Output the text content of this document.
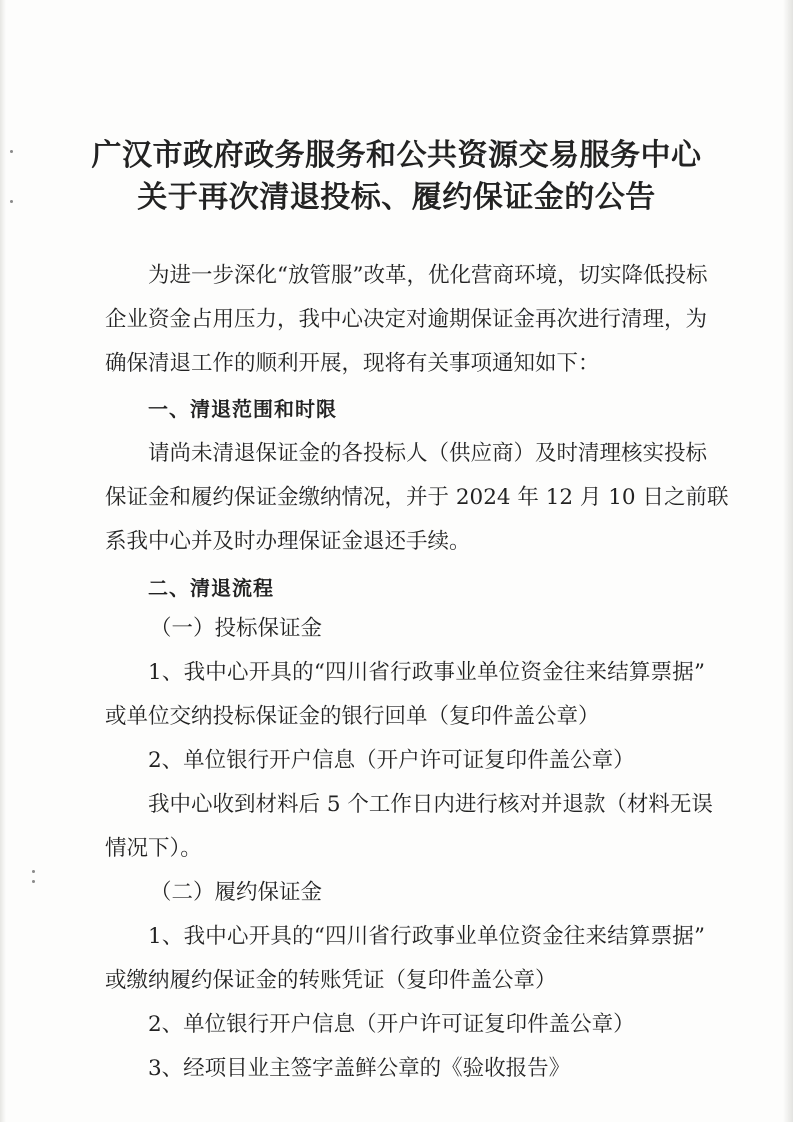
广汉市政府政务服务和公共资源交易服务中心
关于再次清退投标、履约保证金的公告
为进一步深化“放管服”改革，优化营商环境，切实降低投标
企业资金占用压力，我中心决定对逾期保证金再次进行清理，为
确保清退工作的顺利开展，现将有关事项通知如下：
一、清退范围和时限
请尚未清退保证金的各投标人（供应商）及时清理核实投标
保证金和履约保证金缴纳情况，并于 2024 年 12 月 10 日之前联
系我中心并及时办理保证金退还手续。
二、清退流程
（一）投标保证金
1、我中心开具的“四川省行政事业单位资金往来结算票据”
或单位交纳投标保证金的银行回单（复印件盖公章）
2、单位银行开户信息（开户许可证复印件盖公章）
我中心收到材料后 5 个工作日内进行核对并退款（材料无误
情况下）。
（二）履约保证金
1、我中心开具的“四川省行政事业单位资金往来结算票据”
或缴纳履约保证金的转账凭证（复印件盖公章）
2、单位银行开户信息（开户许可证复印件盖公章）
3、经项目业主签字盖鲜公章的《验收报告》
